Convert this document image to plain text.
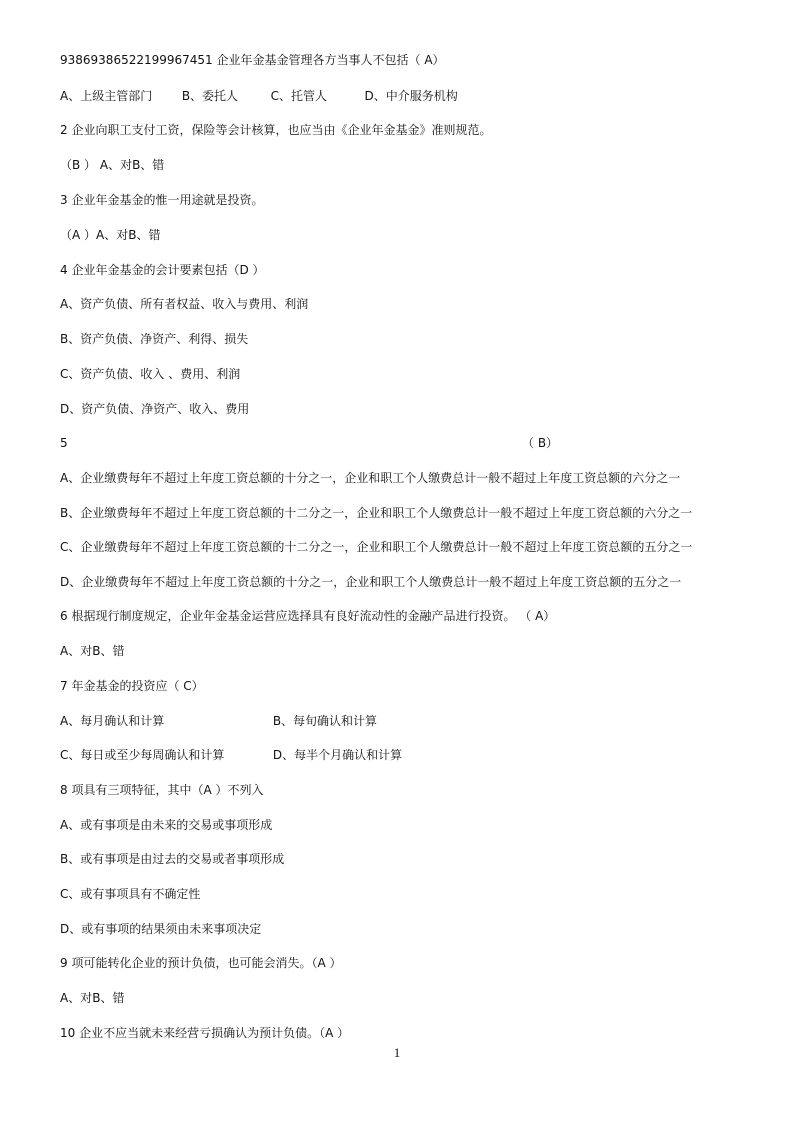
93869386522199967451 企业年金基金管理各方当事人不包括（ A）
A、上级主管部门 B、委托人	C、托管人	D、中介服务机构
2 企业向职工支付工资，保险等会计核算，也应当由《企业年金基金》准则规范。
（B ） A、对B、错
3 企业年金基金的惟一用途就是投资。
（A ）A、对B、错
4 企业年金基金的会计要素包括（D ）
A、资产负债、所有者权益、收入与费用、利润
B、资产负债、净资产、利得、损失
C、资产负债、收入 、费用、利润
D、资产负债、净资产、收入、费用
5	（ B）
A、企业缴费每年不超过上年度工资总额的十分之一，企业和职工个人缴费总计一般不超过上年度工资总额的六分之一
B、企业缴费每年不超过上年度工资总额的十二分之一，企业和职工个人缴费总计一般不超过上年度工资总额的六分之一
C、企业缴费每年不超过上年度工资总额的十二分之一，企业和职工个人缴费总计一般不超过上年度工资总额的五分之一
D、企业缴费每年不超过上年度工资总额的十分之一，企业和职工个人缴费总计一般不超过上年度工资总额的五分之一
6 根据现行制度规定，企业年金基金运营应选择具有良好流动性的金融产品进行投资。 （ A）
A、对B、错
7 年金基金的投资应（ C）
A、每月确认和计算	B、每旬确认和计算
C、每日或至少每周确认和计算	D、每半个月确认和计算
8 项具有三项特征，其中（A ）不列入
A、或有事项是由未来的交易或事项形成
B、或有事项是由过去的交易或者事项形成
C、或有事项具有不确定性
D、或有事项的结果须由未来事项决定
9 项可能转化企业的预计负债，也可能会消失。（A ）
A、对B、错
10 企业不应当就未来经营亏损确认为预计负债。（A ）
1
